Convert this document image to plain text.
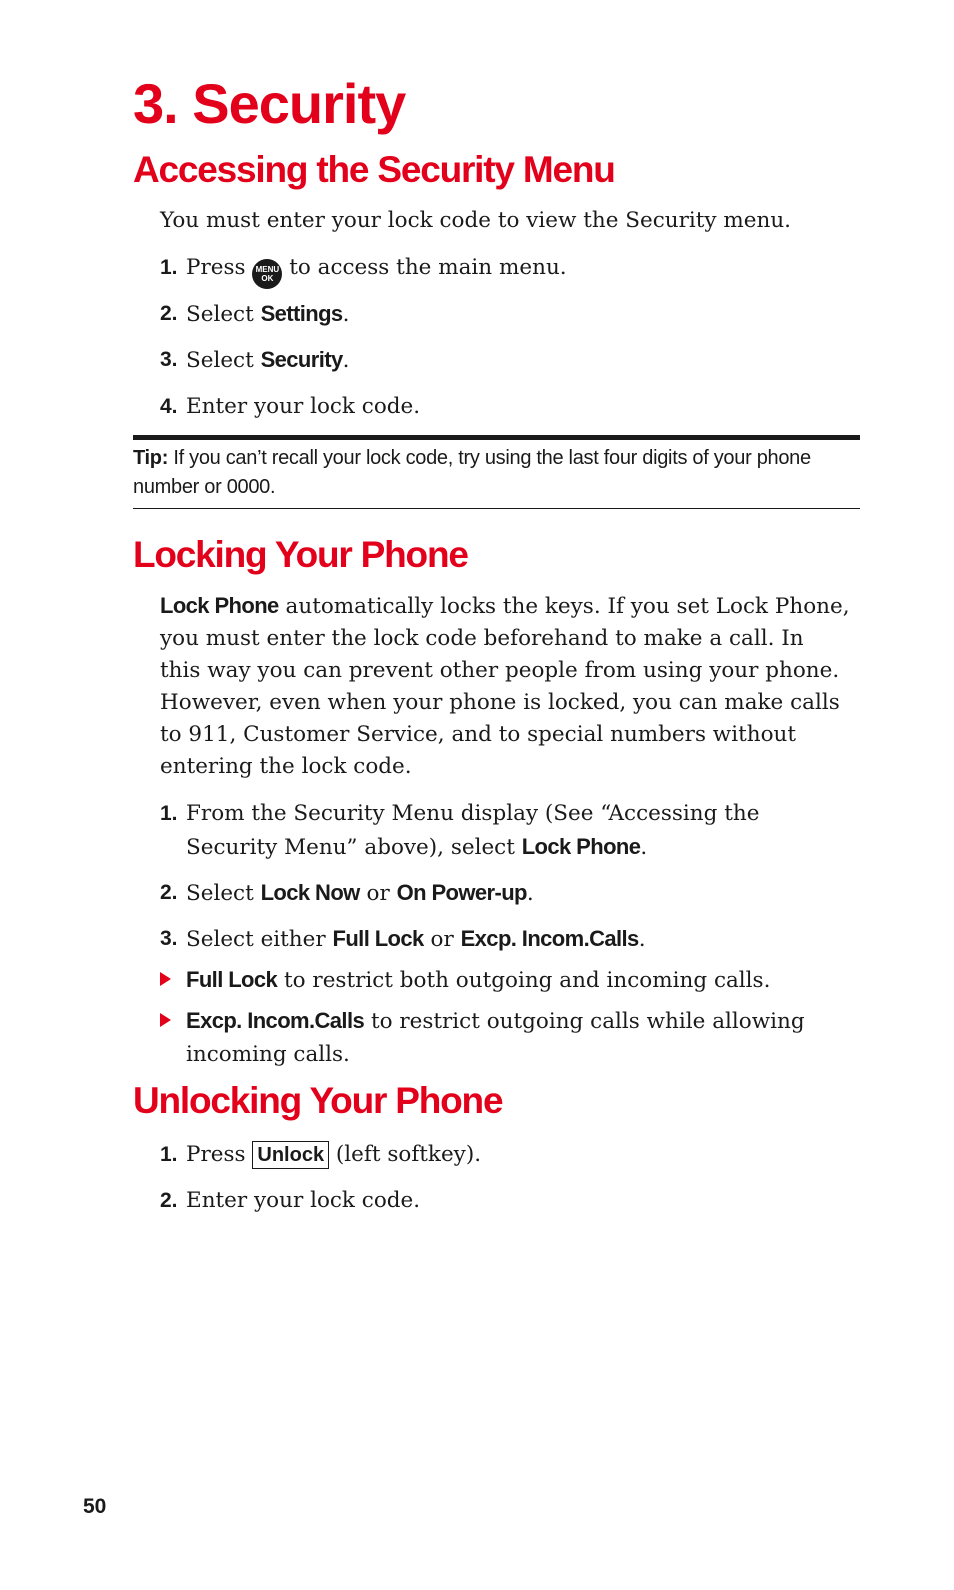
3. Security
Accessing the Security Menu

You must enter your lock code to view the Security menu.

1. Press MENU
OK to access the main menu.
2. Select Settings.
3. Select Security.
4. Enter your lock code.

Tip: If you can’t recall your lock code, try using the last four digits of your phone number or 0000.

Locking Your Phone

Lock Phone automatically locks the keys. If you set Lock Phone, you must enter the lock code beforehand to make a call. In this way you can prevent other people from using your phone. However, even when your phone is locked, you can make calls to 911, Customer Service, and to special numbers without entering the lock code.

1. From the Security Menu display (See “Accessing the Security Menu” above), select Lock Phone.
2. Select Lock Now or On Power-up.
3. Select either Full Lock or Excp. Incom.Calls.
Full Lock to restrict both outgoing and incoming calls.
Excp. Incom.Calls to restrict outgoing calls while allowing incoming calls.
Unlocking Your Phone
1. Press Unlock (left softkey).
2. Enter your lock code.
50
